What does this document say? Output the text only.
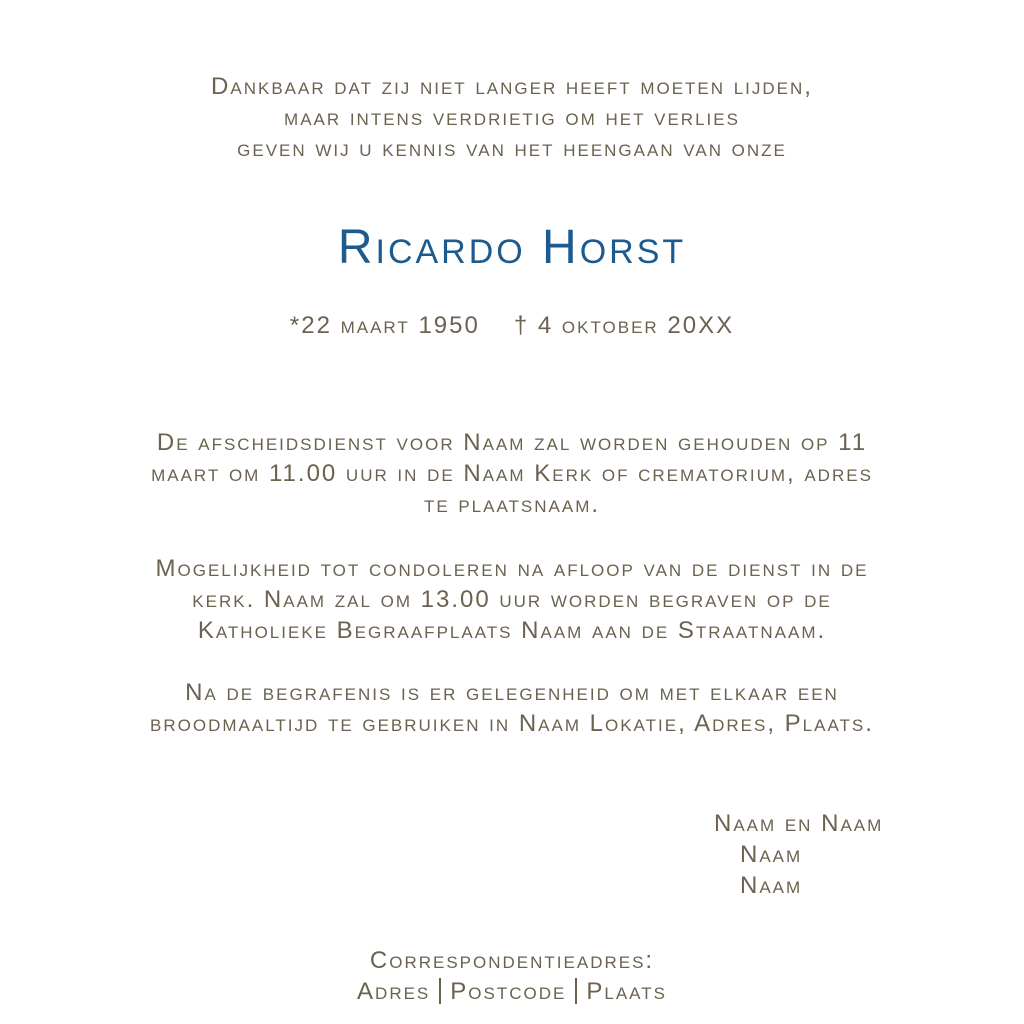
Dankbaar dat zij niet langer heeft moeten lijden,
maar intens verdrietig om het verlies
geven wij u kennis van het heengaan van onze
Ricardo Horst
*22 maart 1950 † 4 oktober 20XX
De afscheidsdienst voor Naam zal worden gehouden op 11
maart om 11.00 uur in de Naam Kerk of crematorium, adres
te plaatsnaam.
Mogelijkheid tot condoleren na afloop van de dienst in de
kerk. Naam zal om 13.00 uur worden begraven op de
Katholieke Begraafplaats Naam aan de Straatnaam.
Na de begrafenis is er gelegenheid om met elkaar een
broodmaaltijd te gebruiken in Naam Lokatie, Adres, Plaats.
Naam en Naam
Naam
Naam
Correspondentieadres:
Adres Postcode Plaats
